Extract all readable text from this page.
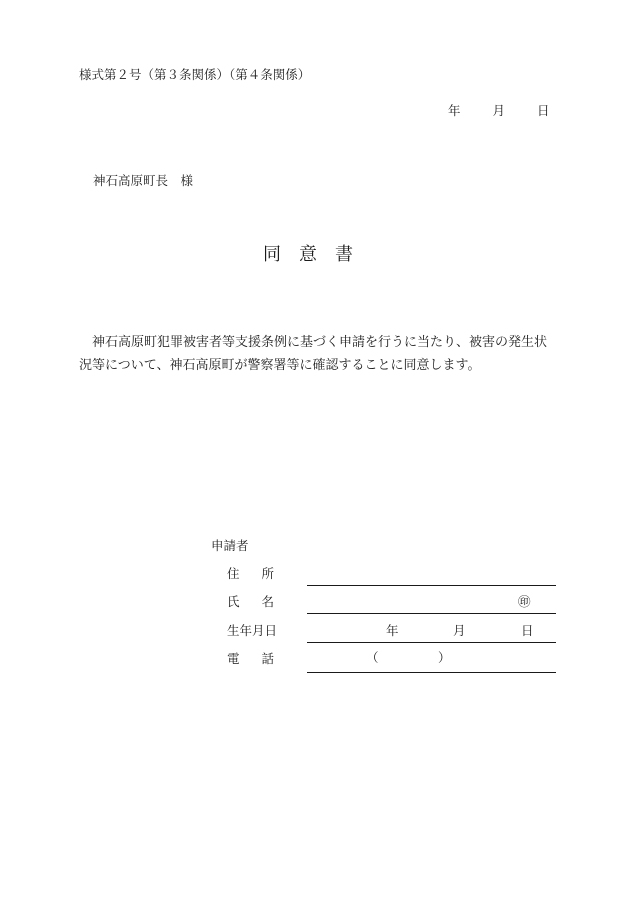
様式第２号（第３条関係）（第４条関係）
年	月	日
神石高原町長　様
同意書
神石高原町犯罪被害者等支援条例に基づく申請を行うに当たり、被害の発生状況等について、神石高原町が警察署等に確認することに同意します。
申請者
住所
氏名	㊞
生年月日	年	月	日
電話	（	）
